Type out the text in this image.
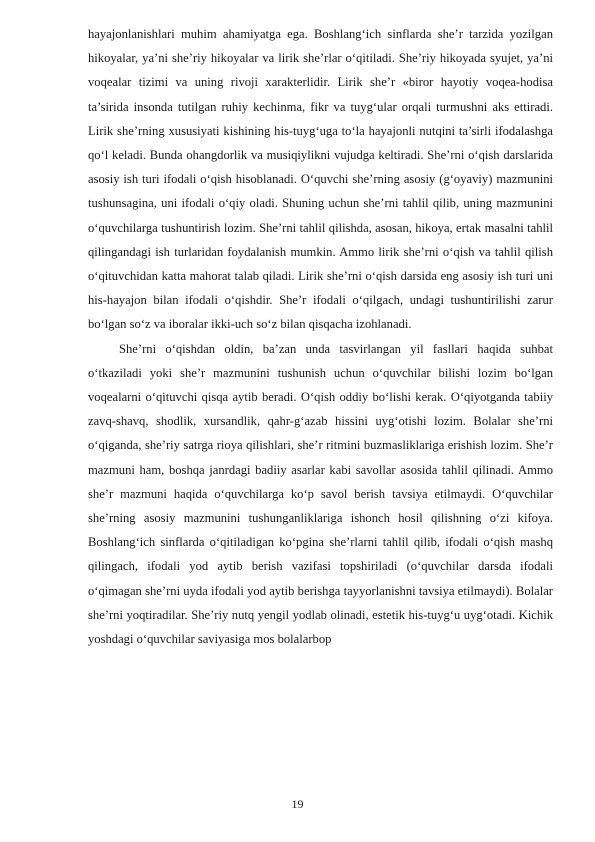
hayajonlanishlari muhim ahamiyatga ega. Boshlang‘ich sinflarda she’r tarzida yozilgan hikoyalar, ya’ni she’riy hikoyalar va lirik she’rlar o‘qitiladi. She’riy hikoyada syujet, ya’ni voqealar tizimi va uning rivoji xarakterlidir. Lirik she’r «biror hayotiy voqea-hodisa ta’sirida insonda tutilgan ruhiy kechinma, fikr va tuyg‘ular orqali turmushni aks ettiradi. Lirik she’rning xususiyati kishining his-tuyg‘uga to‘la hayajonli nutqini ta’sirli ifodalashga qo‘l keladi. Bunda ohangdorlik va musiqiylikni vujudga keltiradi. She’rni o‘qish darslarida asosiy ish turi ifodali o‘qish hisoblanadi. O‘quvchi she’rning asosiy (g‘oyaviy) mazmunini tushunsagina, uni ifodali o‘qiy oladi. Shuning uchun she’rni tahlil qilib, uning mazmunini o‘quvchilarga tushuntirish lozim. She’rni tahlil qilishda, asosan, hikoya, ertak masalni tahlil qilingandagi ish turlaridan foydalanish mumkin. Ammo lirik she’rni o‘qish va tahlil qilish o‘qituvchidan katta mahorat talab qiladi. Lirik she’rni o‘qish darsida eng asosiy ish turi uni his-hayajon bilan ifodali o‘qishdir. She’r ifodali o‘qilgach, undagi tushuntirilishi zarur bo‘lgan so‘z va iboralar ikki-uch so‘z bilan qisqacha izohlanadi.

She’rni o‘qishdan oldin, ba’zan unda tasvirlangan yil fasllari haqida suhbat o‘tkaziladi yoki she’r mazmunini tushunish uchun o‘quvchilar bilishi lozim bo‘lgan voqealarni o‘qituvchi qisqa aytib beradi. O‘qish oddiy bo‘lishi kerak. O‘qiyotganda tabiiy zavq-shavq, shodlik, xursandlik, qahr-g‘azab hissini uyg‘otishi lozim. Bolalar she’rni o‘qiganda, she’riy satrga rioya qilishlari, she’r ritmini buzmasliklariga erishish lozim. She’r mazmuni ham, boshqa janrdagi badiiy asarlar kabi savollar asosida tahlil qilinadi. Ammo she’r mazmuni haqida o‘quvchilarga ko‘p savol berish tavsiya etilmaydi. O‘quvchilar she’rning asosiy mazmunini tushunganliklariga ishonch hosil qilishning o‘zi kifoya. Boshlang‘ich sinflarda o‘qitiladigan ko‘pgina she’rlarni tahlil qilib, ifodali o‘qish mashq qilingach, ifodali yod aytib berish vazifasi topshiriladi (o‘quvchilar darsda ifodali o‘qimagan she’rni uyda ifodali yod aytib berishga tayyorlanishni tavsiya etilmaydi). Bolalar she’rni yoqtiradilar. She’riy nutq yengil yodlab olinadi, estetik his-tuyg‘u uyg‘otadi. Kichik yoshdagi o‘quvchilar saviyasiga mos bolalarbop

19
